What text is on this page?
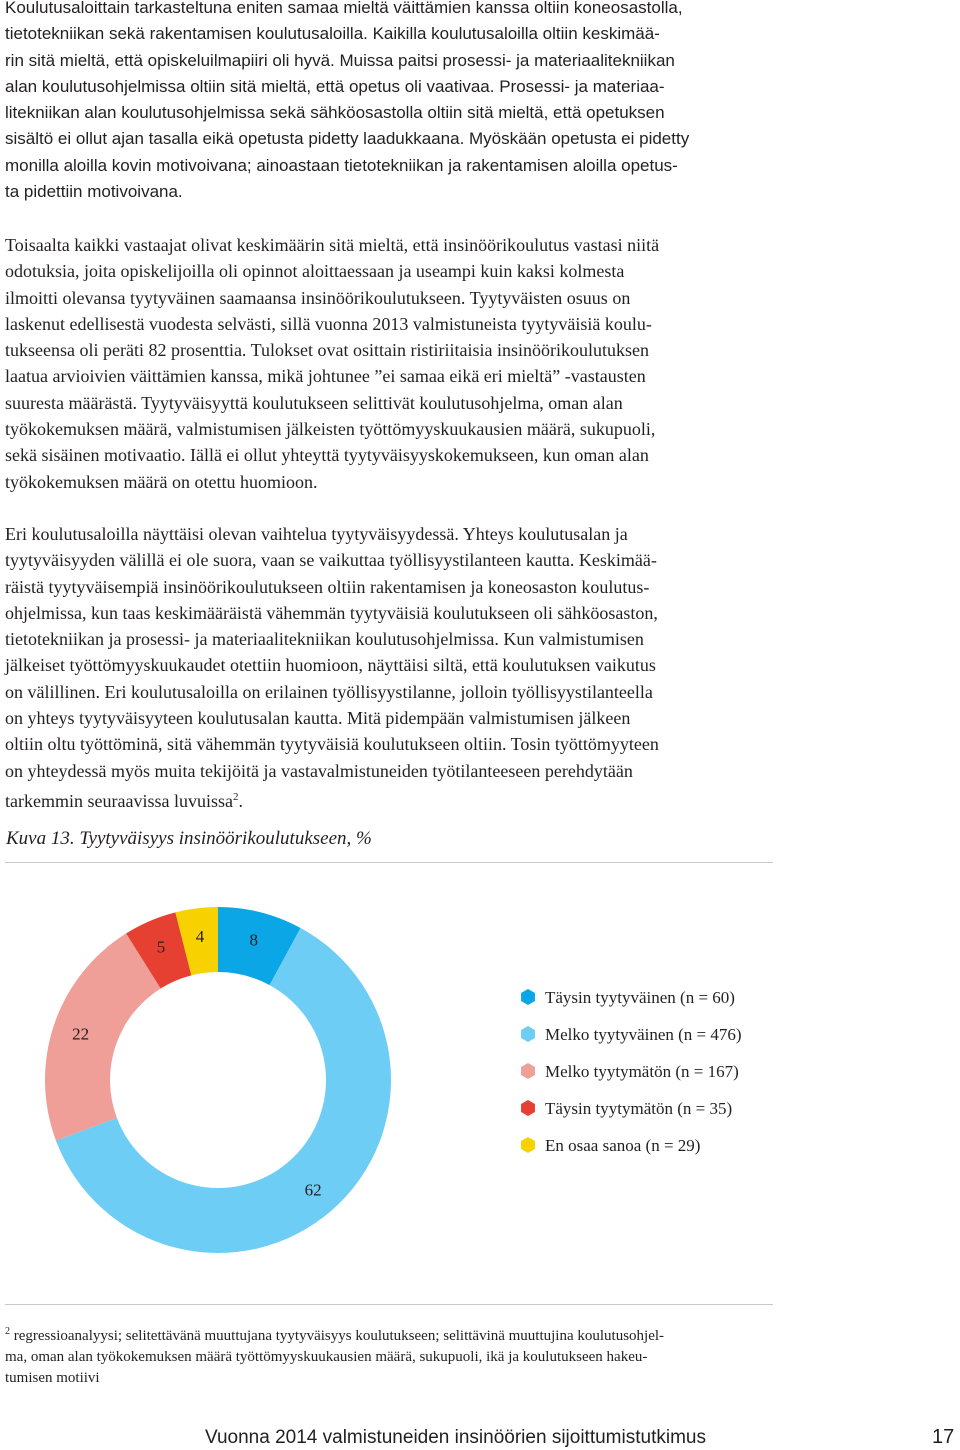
Koulutusaloittain tarkasteltuna eniten samaa mieltä väittämien kanssa oltiin koneosastolla,
tietotekniikan sekä rakentamisen koulutusaloilla. Kaikilla koulutusaloilla oltiin keskimää-
rin sitä mieltä, että opiskeluilmapiiri oli hyvä. Muissa paitsi prosessi- ja materiaalitekniikan
alan koulutusohjelmissa oltiin sitä mieltä, että opetus oli vaativaa. Prosessi- ja materiaa-
litekniikan alan koulutusohjelmissa sekä sähköosastolla oltiin sitä mieltä, että opetuksen
sisältö ei ollut ajan tasalla eikä opetusta pidetty laadukkaana. Myöskään opetusta ei pidetty
monilla aloilla kovin motivoivana; ainoastaan tietotekniikan ja rakentamisen aloilla opetus-
ta pidettiin motivoivana.
Toisaalta kaikki vastaajat olivat keskimäärin sitä mieltä, että insinöörikoulutus vastasi niitä
odotuksia, joita opiskelijoilla oli opinnot aloittaessaan ja useampi kuin kaksi kolmesta
ilmoitti olevansa tyytyväinen saamaansa insinöörikoulutukseen. Tyytyväisten osuus on
laskenut edellisestä vuodesta selvästi, sillä vuonna 2013 valmistuneista tyytyväisiä koulu-
tukseensa oli peräti 82 prosenttia. Tulokset ovat osittain ristiriitaisia insinöörikoulutuksen
laatua arvioivien väittämien kanssa, mikä johtunee ”ei samaa eikä eri mieltä” -vastausten
suuresta määrästä. Tyytyväisyyttä koulutukseen selittivät koulutusohjelma, oman alan
työkokemuksen määrä, valmistumisen jälkeisten työttömyyskuukausien määrä, sukupuoli,
sekä sisäinen motivaatio. Iällä ei ollut yhteyttä tyytyväisyyskokemukseen, kun oman alan
työkokemuksen määrä on otettu huomioon.
Eri koulutusaloilla näyttäisi olevan vaihtelua tyytyväisyydessä. Yhteys koulutusalan ja
tyytyväisyyden välillä ei ole suora, vaan se vaikuttaa työllisyystilanteen kautta. Keskimää-
räistä tyytyväisempiä insinöörikoulutukseen oltiin rakentamisen ja koneosaston koulutus-
ohjelmissa, kun taas keskimääräistä vähemmän tyytyväisiä koulutukseen oli sähköosaston,
tietotekniikan ja prosessi- ja materiaalitekniikan koulutusohjelmissa. Kun valmistumisen
jälkeiset työttömyyskuukaudet otettiin huomioon, näyttäisi siltä, että koulutuksen vaikutus
on välillinen. Eri koulutusaloilla on erilainen työllisyystilanne, jolloin työllisyystilanteella
on yhteys tyytyväisyyteen koulutusalan kautta. Mitä pidempään valmistumisen jälkeen
oltiin oltu työttöminä, sitä vähemmän tyytyväisiä koulutukseen oltiin. Tosin työttömyyteen
on yhteydessä myös muita tekijöitä ja vastavalmistuneiden työtilanteeseen perehdytään
tarkemmin seuraavissa luvuissa$^2$.

Kuva 13. Tyytyväisyys insinöörikoulutukseen, %

8
62
22
5
4
Täysin tyytyväinen (n = 60)
Melko tyytyväinen (n = 476)
Melko tyytymätön (n = 167)
Täysin tyytymätön (n = 35)
En osaa sanoa (n = 29)
$^2$ regressioanalyysi; selitettävänä muuttujana tyytyväisyys koulutukseen; selittävinä muuttujina koulutusohjel-
ma, oman alan työkokemuksen määrä työttömyyskuukausien määrä, sukupuoli, ikä ja koulutukseen hakeu-
tumisen motiivi

Vuonna 2014 valmistuneiden insinöörien sijoittumistutkimus	17
